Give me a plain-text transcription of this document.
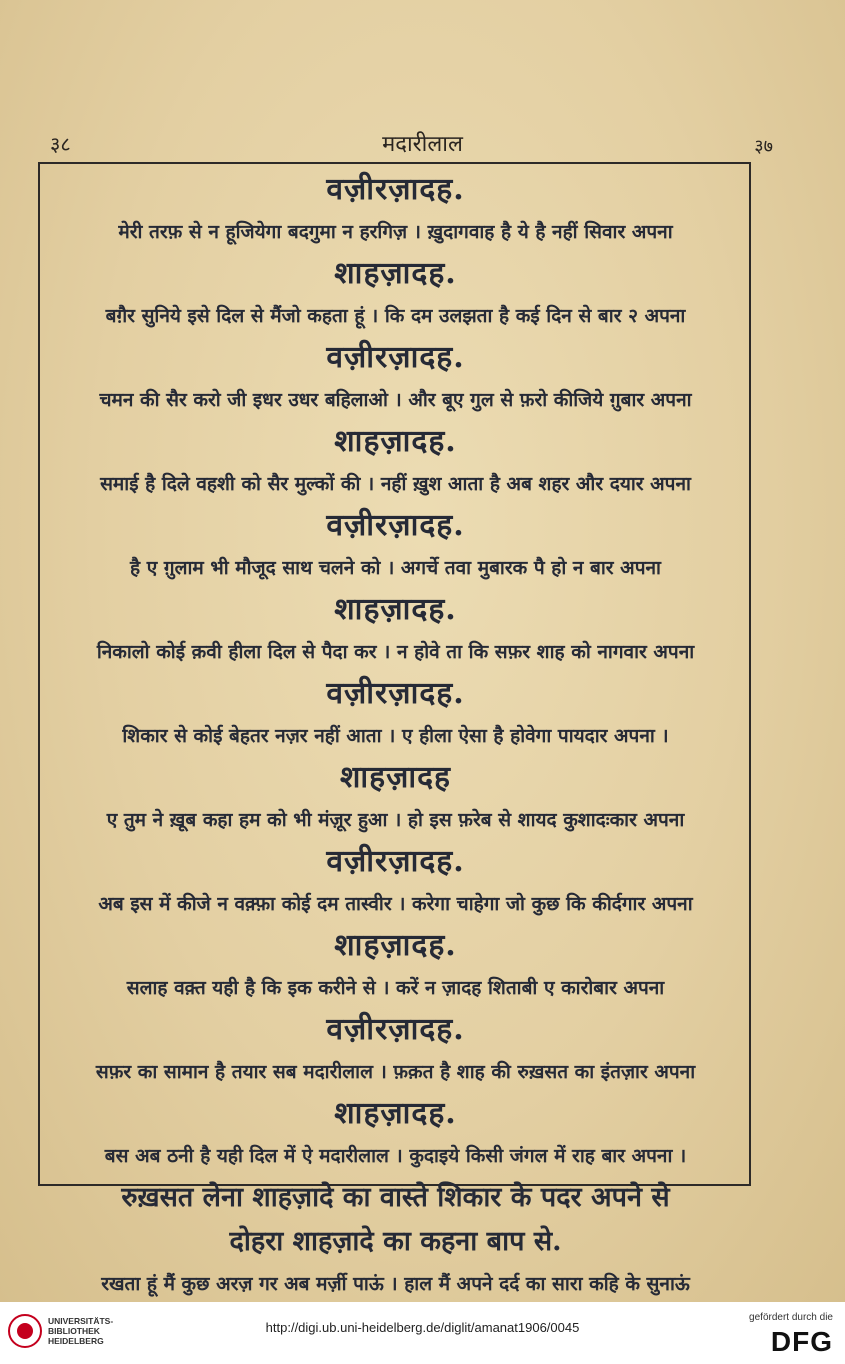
३८	मदारीलाल	३७
वज़ीरज़ादह.
मेरी तरफ़ से न हूजियेगा बदगुमा न हरगिज़ । ख़ुदागवाह है ये है नहीं सिवार अपना
शाहज़ादह.
बग़ैर सुनिये इसे दिल से मैंजो कहता हूं । कि दम उलझता है कई दिन से बार २ अपना
वज़ीरज़ादह.
चमन की सैर करो जी इधर उधर बहिलाओ । और बूए गुल से फ़रो कीजिये ग़ुबार अपना
शाहज़ादह.
समाई है दिले वहशी को सैर मुल्कों की । नहीं ख़ुश आता है अब शहर और दयार अपना
वज़ीरज़ादह.
है ए ग़ुलाम भी मौजूद साथ चलने को । अगर्चे तवा मुबारक पै हो न बार अपना
शाहज़ादह.
निकालो कोई क़वी हीला दिल से पैदा कर । न होवे ता कि सफ़र शाह को नागवार अपना
वज़ीरज़ादह.
शिकार से कोई बेहतर नज़र नहीं आता । ए हीला ऐसा है होवेगा पायदार अपना ।
शाहज़ादह
ए तुम ने ख़ूब कहा हम को भी मंज़ूर हुआ । हो इस फ़रेब से शायद कुशादःकार अपना
वज़ीरज़ादह.
अब इस में कीजे न वक़्फ़ा कोई दम तास्वीर । करेगा चाहेगा जो कुछ कि कीर्दगार अपना
शाहज़ादह.
सलाह वक़्त यही है कि इक करीने से । करें न ज़ादह शिताबी ए कारोबार अपना
वज़ीरज़ादह.
सफ़र का सामान है तयार सब मदारीलाल । फ़क़त है शाह की रुख़सत का इंतज़ार अपना
शाहज़ादह.
बस अब ठनी है यही दिल में ऐ मदारीलाल । कुदाइये किसी जंगल में राह बार अपना ।
रुख़सत लेना शाहज़ादे का वास्ते शिकार के पदर अपने से
दोहरा शाहज़ादे का कहना बाप से.
रखता हूं मैं कुछ अरज़ गर अब मर्ज़ी पाऊं । हाल मैं अपने दर्द का सारा कहि के सुनाऊं
UNIVERSITÄTS-
BIBLIOTHEK
HEIDELBERG
http://digi.ub.uni-heidelberg.de/diglit/amanat1906/0045
gefördert durch die
DFG
